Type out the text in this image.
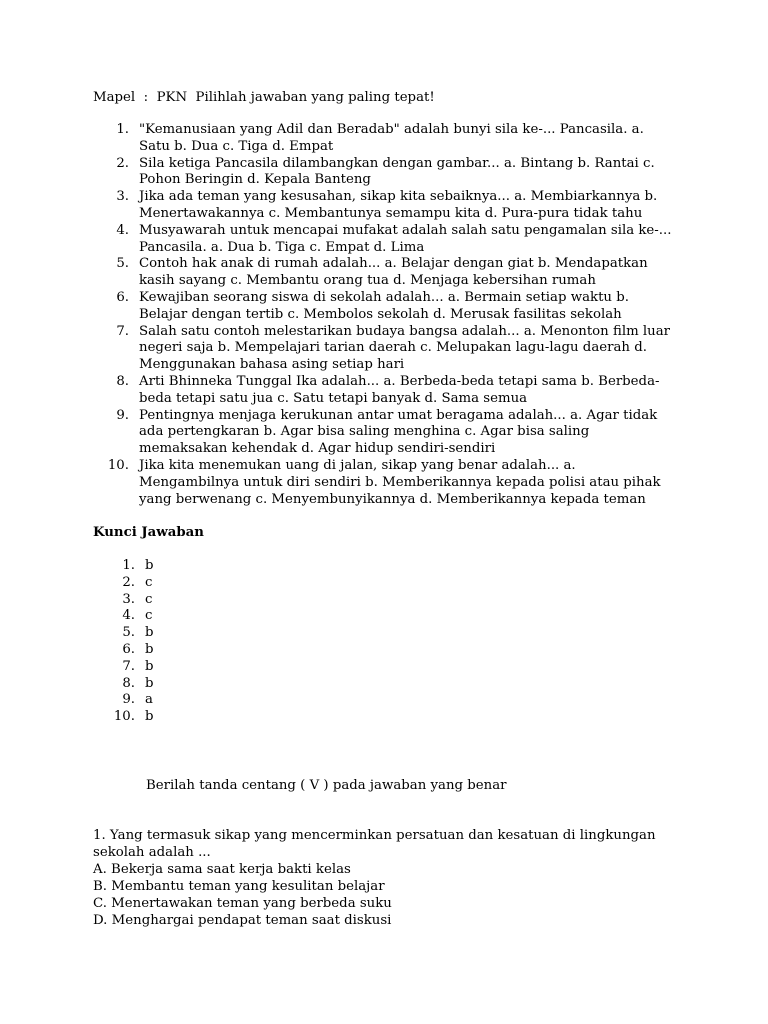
Mapel  :  PKN  Pilihlah jawaban yang paling tepat!
1. "Kemanusiaan yang Adil dan Beradab" adalah bunyi sila ke-... Pancasila. a. Satu b. Dua c. Tiga d. Empat
2. Sila ketiga Pancasila dilambangkan dengan gambar... a. Bintang b. Rantai c. Pohon Beringin d. Kepala Banteng
3. Jika ada teman yang kesusahan, sikap kita sebaiknya... a. Membiarkannya b. Menertawakannya c. Membantunya semampu kita d. Pura-pura tidak tahu
4. Musyawarah untuk mencapai mufakat adalah salah satu pengamalan sila ke-... Pancasila. a. Dua b. Tiga c. Empat d. Lima
5. Contoh hak anak di rumah adalah... a. Belajar dengan giat b. Mendapatkan kasih sayang c. Membantu orang tua d. Menjaga kebersihan rumah
6. Kewajiban seorang siswa di sekolah adalah... a. Bermain setiap waktu b. Belajar dengan tertib c. Membolos sekolah d. Merusak fasilitas sekolah
7. Salah satu contoh melestarikan budaya bangsa adalah... a. Menonton film luar negeri saja b. Mempelajari tarian daerah c. Melupakan lagu-lagu daerah d. Menggunakan bahasa asing setiap hari
8. Arti Bhinneka Tunggal Ika adalah... a. Berbeda-beda tetapi sama b. Berbeda-beda tetapi satu jua c. Satu tetapi banyak d. Sama semua
9. Pentingnya menjaga kerukunan antar umat beragama adalah... a. Agar tidak ada pertengkaran b. Agar bisa saling menghina c. Agar bisa saling memaksakan kehendak d. Agar hidup sendiri-sendiri
10. Jika kita menemukan uang di jalan, sikap yang benar adalah... a. Mengambilnya untuk diri sendiri b. Memberikannya kepada polisi atau pihak yang berwenang c. Menyembunyikannya d. Memberikannya kepada teman
Kunci Jawaban
1. b
2. c
3. c
4. c
5. b
6. b
7. b
8. b
9. a
10. b
Berilah tanda centang ( V ) pada jawaban yang benar
1. Yang termasuk sikap yang mencerminkan persatuan dan kesatuan di lingkungan sekolah adalah ...
A. Bekerja sama saat kerja bakti kelas
B. Membantu teman yang kesulitan belajar
C. Menertawakan teman yang berbeda suku
D. Menghargai pendapat teman saat diskusi
